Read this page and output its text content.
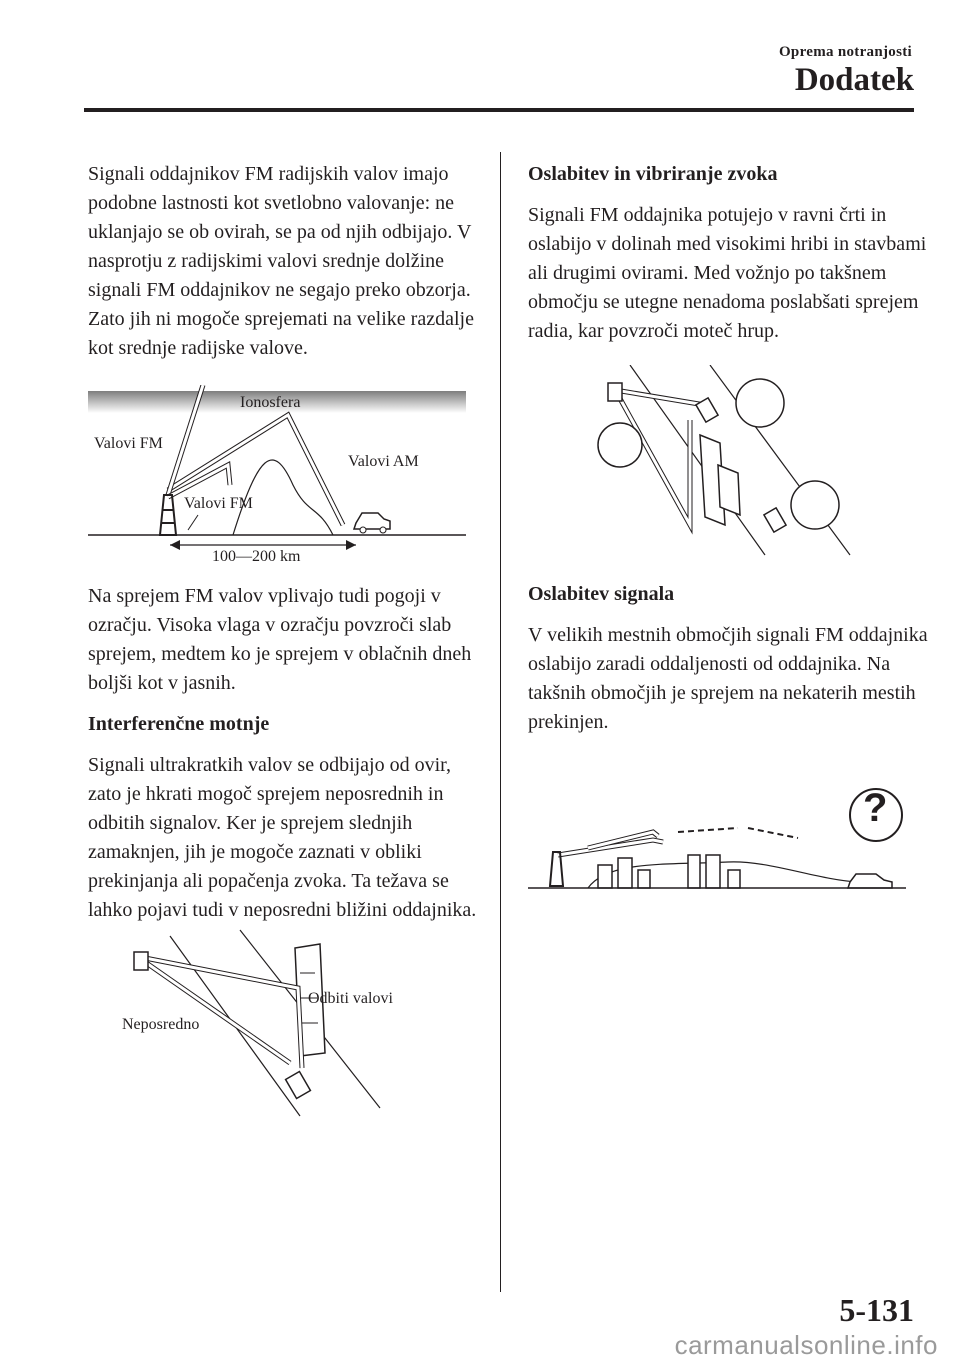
Oprema notranjosti
Dodatek

Signali oddajnikov FM radijskih valov imajo podobne lastnosti kot svetlobno valovanje: ne uklanjajo se ob ovirah, se pa od njih odbijajo. V nasprotju z radijskimi valovi srednje dolžine signali FM oddajnikov ne segajo preko obzorja. Zato jih ni mogoče sprejemati na velike razdalje kot srednje radijske valove.

Ionosfera
Valovi FM
Valovi AM
Valovi FM
100—200 km

Na sprejem FM valov vplivajo tudi pogoji v ozračju. Visoka vlaga v ozračju povzroči slab sprejem, medtem ko je sprejem v oblačnih dneh boljši kot v jasnih.

Interferenčne motnje

Signali ultrakratkih valov se odbijajo od ovir, zato je hkrati mogoč sprejem neposrednih in odbitih signalov. Ker je sprejem slednjih zamaknjen, jih je mogoče zaznati v obliki prekinjanja ali popačenja zvoka. Ta težava se lahko pojavi tudi v neposredni bližini oddajnika.

Odbiti valovi
Neposredno
Oslabitev in vibriranje zvoka

Signali FM oddajnika potujejo v ravni črti in oslabijo v dolinah med visokimi hribi in stavbami ali drugimi ovirami. Med vožnjo po takšnem območju se utegne nenadoma poslabšati sprejem radia, kar povzroči moteč hrup.

Oslabitev signala

V velikih mestnih območjih signali FM oddajnika oslabijo zaradi oddaljenosti od oddajnika. Na takšnih območjih je sprejem na nekaterih mestih prekinjen.

?
5-131
carmanualsonline.info
